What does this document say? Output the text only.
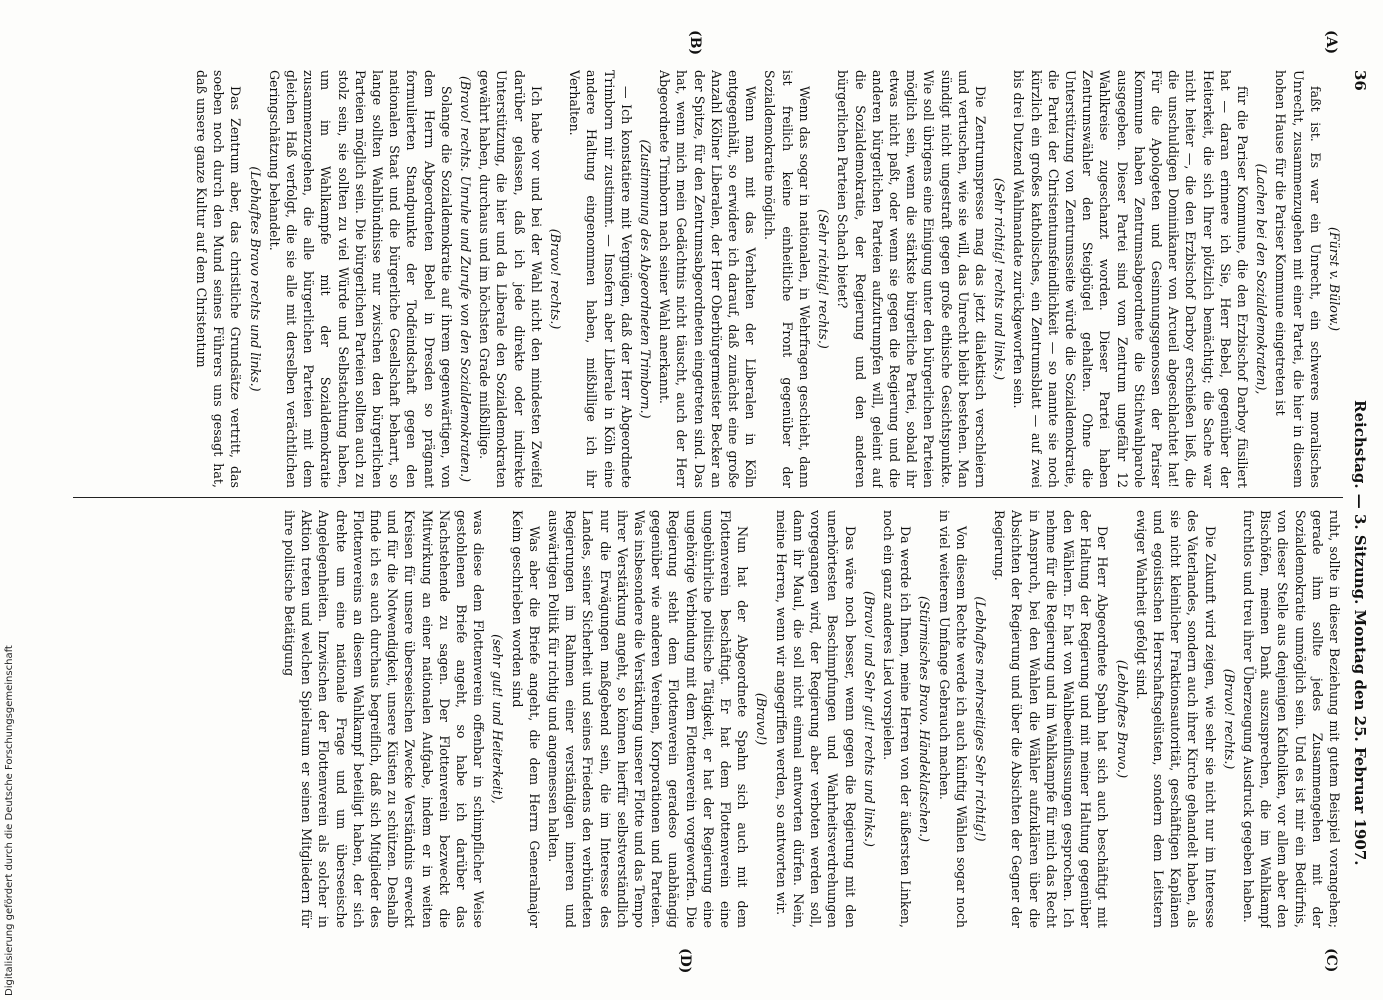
36
Reichstag. — 3. Sitzung. Montag den 25. Februar 1907.
(A)
(B)
(C)
(D)

(Fürst v. Bülow.)

faßt ist. Es war ein Unrecht, ein schweres moralisches Unrecht, zusammenzugehen mit einer Partei, die hier in diesem hohen Hause für die Pariser Kommune eingetreten ist

(Lachen bei den Sozialdemokraten),

für die Pariser Kommune, die den Erzbischof Darboy füsiliert hat — daran erinnere ich Sie, Herr Bebel, gegenüber der Heiterkeit, die sich Ihrer plötzlich bemächtigt; die Sache war nicht heiter —, die den Erzbischof Darboy erschießen ließ, die die unschuldigen Dominikaner von Arcueil abgeschlachtet hat! Für die Apologeten und Gesinnungsgenossen der Pariser Kommune haben Zentrumsabgeordnete die Stichwahlparole ausgegeben. Dieser Partei sind vom Zentrum ungefähr 12 Wahlkreise zugeschanzt worden. Dieser Partei haben Zentrumswähler den Steigbügel gehalten. Ohne die Unterstützung von Zentrumsseite würde die Sozialdemokratie, die Partei der Christentumsfeindlichkeit — so nannte sie noch kürzlich ein großes katholisches, ein Zentrumsblatt — auf zwei bis drei Dutzend Wahlmandate zurückgeworfen sein.

(Sehr richtig! rechts und links.)

Die Zentrumspresse mag das jetzt dialektisch verschleiern und vertuschen, wie sie will, das Unrecht bleibt bestehen. Man sündigt nicht ungestraft gegen große ethische Gesichtspunkte. Wie soll übrigens eine Einigung unter den bürgerlichen Parteien möglich sein, wenn die stärkste bürgerliche Partei, sobald ihr etwas nicht paßt, oder wenn sie gegen die Regierung und die anderen bürgerlichen Parteien aufzutrumpfen will, geleint auf die Sozialdemokratie, der Regierung und den anderen bürgerlichen Parteien Schach bietet?

(Sehr richtig! rechts.)

Wenn das sogar in nationalen, in Wehrfragen geschieht, dann ist freilich keine einheitliche Front gegenüber der Sozialdemokratie möglich.

Wenn man mit das Verhalten der Liberalen in Köln entgegenhält, so erwidere ich darauf, daß zunächst eine große Anzahl Kölner Liberalen, der Herr Oberbürgermeister Becker an der Spitze, für den Zentrumsabgeordneten eingetreten sind. Das hat, wenn mich mein Gedächtnis nicht täuscht, auch der Herr Abgeordnete Trimborn nach seiner Wahl anerkannt.

(Zustimmung des Abgeordneten Trimborn.)

— Ich konstatiere mit Vergnügen, daß der Herr Abgeordnete Trimborn mir zustimmt. — Insofern aber Liberale in Köln eine andere Haltung eingenommen haben, mißbillige ich ihr Verhalten.

(Bravo! rechts.)

Ich habe vor und bei der Wahl nicht den mindesten Zweifel darüber gelassen, daß ich jede direkte oder indirekte Unterstützung, die hier und da Liberale den Sozialdemokraten gewährt haben, durchaus und im höchsten Grade mißbillige.

(Bravo! rechts. Unruhe und Zurufe von den Sozialdemokraten.)

Solange die Sozialdemokratie auf ihrem gegenwärtigen, von dem Herrn Abgeordneten Bebel in Dresden so prägnant formulierten Standpunkte der Todfeindschaft gegen den nationalen Staat und die bürgerliche Gesellschaft beharrt, so lange sollten Wahlbündnisse nur zwischen den bürgerlichen Parteien möglich sein. Die bürgerlichen Parteien sollten auch zu stolz sein, sie sollten zu viel Würde und Selbstachtung haben, um im Wahlkampfe mit der Sozialdemokratie zusammenzugehen, die alle bürgerlichen Parteien mit dem gleichen Haß verfolgt, die sie alle mit derselben verächtlichen Geringschätzung behandelt.

(Lebhaftes Bravo rechts und links.)

Das Zentrum aber, das christliche Grundsätze vertritt, das soeben noch durch den Mund seines Führers uns gesagt hat, daß unsere ganze Kultur auf dem Christentum

ruht, sollte in dieser Beziehung mit gutem Beispiel vorangehen; gerade ihm sollte jedes Zusammengehen mit der Sozialdemokratie unmöglich sein. Und es ist mir ein Bedürfnis, von dieser Stelle aus denjenigen Katholiken, vor allem aber den Bischöfen, meinen Dank auszusprechen, die im Wahlkampf furchtlos und treu ihrer Überzeugung Ausdruck gegeben haben.

(Bravo! rechts.)

Die Zukunft wird zeigen, wie sehr sie nicht nur im Interesse des Vaterlandes, sondern auch ihrer Kirche gehandelt haben, als sie nicht kleinlicher Fraktionsautorität, geschäftigen Kaplänen und egoistischen Herrschaftsgelüsten, sondern dem Leitstern ewiger Wahrheit gefolgt sind.

(Lebhaftes Bravo.)

Der Herr Abgeordnete Spahn hat sich auch beschäftigt mit der Haltung der Regierung und mit meiner Haltung gegenüber den Wählern. Er hat von Wahlbeeinflussungen gesprochen. Ich nehme für die Regierung und im Wahlkampfe für mich das Recht in Anspruch, bei den Wahlen die Wähler aufzuklären über die Absichten der Regierung und über die Absichten der Gegner der Regierung.

(Lebhaftes mehrseitiges Sehr richtig!)

Von diesem Rechte werde ich auch künftig Wählen sogar noch in viel weiterem Umfange Gebrauch machen.

(Stürmisches Bravo. Händeklatschen.)

Da werde ich Ihnen, meine Herren von der äußersten Linken, noch ein ganz anderes Lied vorspielen.

(Bravo! und Sehr gut! rechts und links.)

Das wäre noch besser, wenn gegen die Regierung mit den unerhörtesten Beschimpfungen und Wahrheitsverdrehungen vorgegangen wird, der Regierung aber verboten werden soll, dann ihr Maul, die soll nicht einmal antworten dürfen. Nein, meine Herren, wenn wir angegriffen werden, so antworten wir.

(Bravo!)

Nun hat der Abgeordnete Spahn sich auch mit dem Flottenverein beschäftigt. Er hat dem Flottenverein eine ungebührliche politische Tätigkeit, er hat der Regierung eine ungehörige Verbindung mit dem Flottenverein vorgeworfen. Die Regierung steht dem Flottenverein geradeso unabhängig gegenüber wie anderen Vereinen, Korporationen und Parteien. Was insbesondere die Verstärkung unserer Flotte und das Tempo ihrer Verstärkung angeht, so können hierfür selbstverständlich nur die Erwägungen maßgebend sein, die im Interesse des Landes, seiner Sicherheit und seines Friedens den verbündeten Regierungen im Rahmen einer verständigen inneren und auswärtigen Politik für richtig und angemessen halten.

Was aber die Briefe angeht, die dem Herrn Generalmajor Keim geschrieben worden sind

(sehr gut! und Heiterkeit),

was diese dem Flottenverein offenbar in schimpflicher Weise gestohlenen Briefe angeht, so habe ich darüber das Nachstehende zu sagen. Der Flottenverein bezweckt die Mitwirkung an einer nationalen Aufgabe, indem er in weiten Kreisen für unsere überseeischen Zwecke Verständnis erweckt und für die Notwendigkeit, unsere Küsten zu schützen. Deshalb finde ich es auch durchaus begreiflich, daß sich Mitglieder des Flottenvereins an diesem Wahlkampf beteiligt haben, der sich drehte um eine nationale Frage und um überseeische Angelegenheiten. Inzwischen der Flottenverein als solcher in Aktion treten und welchen Spielraum er seinen Mitgliedern für ihre politische Betätigung

Digitalisierung gefördert durch die Deutsche Forschungsgemeinschaft
